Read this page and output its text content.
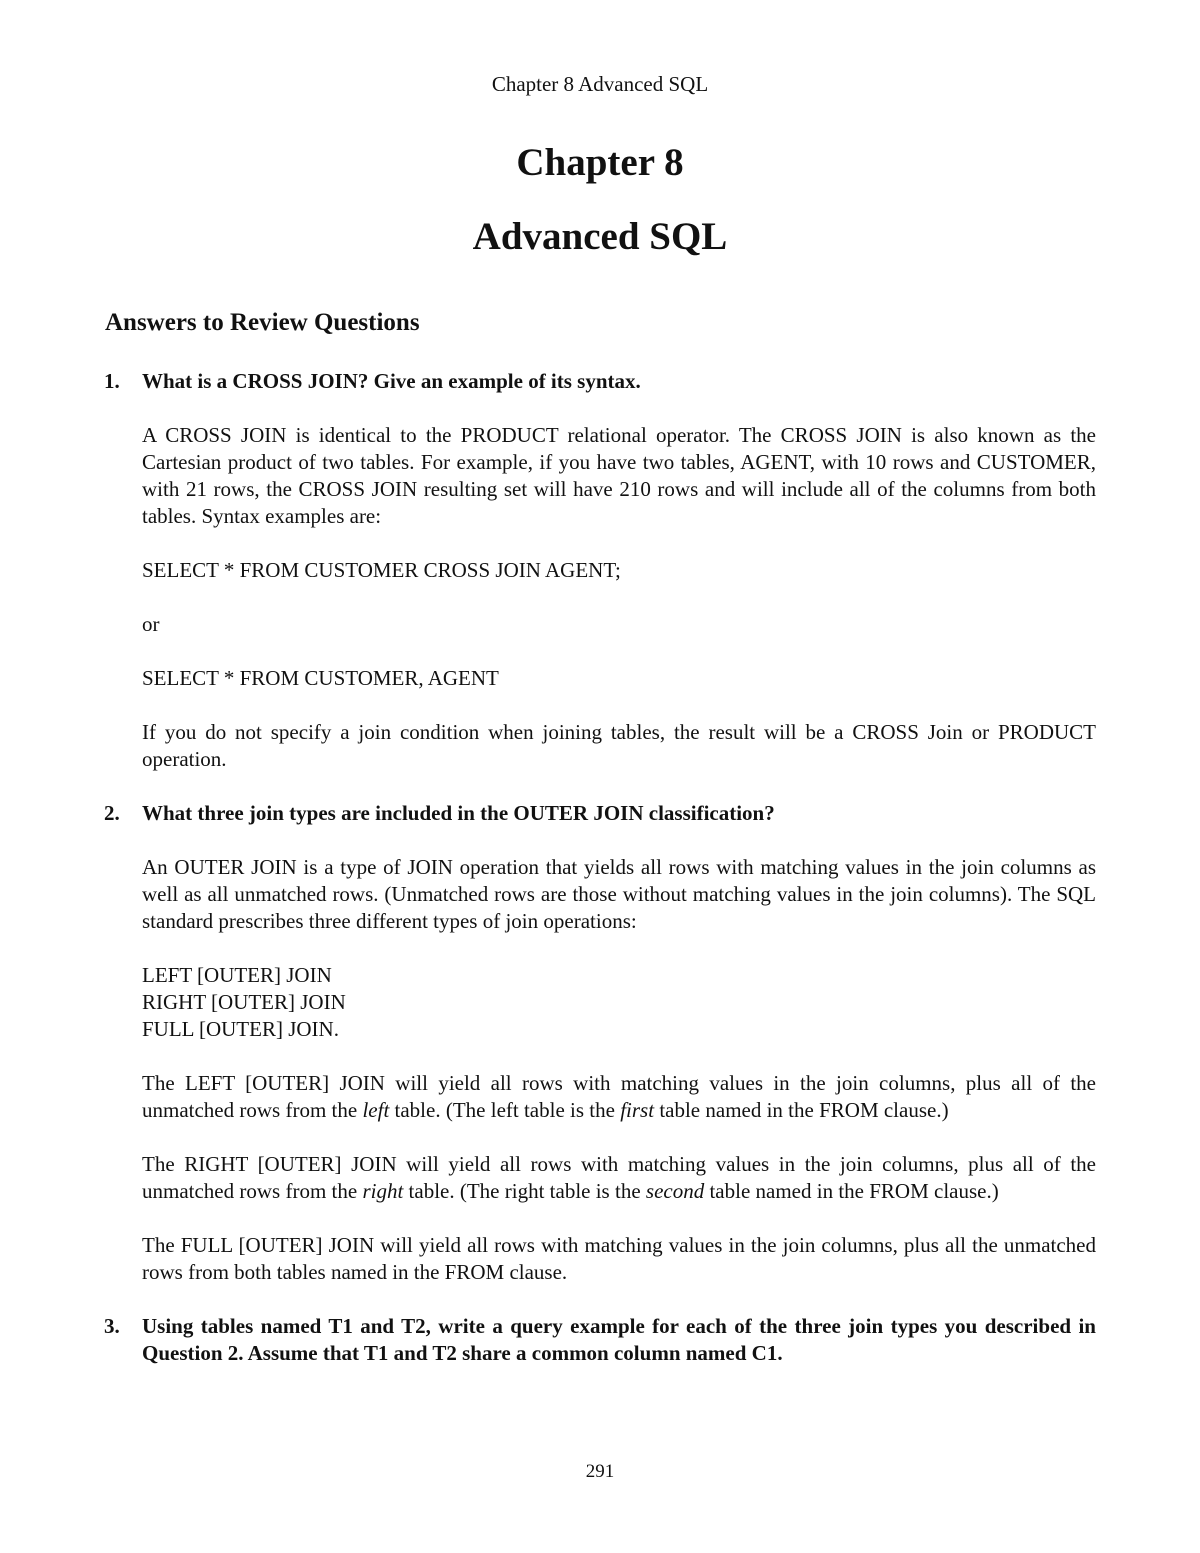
Chapter 8 Advanced SQL
Chapter 8
Advanced SQL
Answers to Review Questions
1.	What is a CROSS JOIN? Give an example of its syntax.

A CROSS JOIN is identical to the PRODUCT relational operator. The CROSS JOIN is also known as the Cartesian product of two tables. For example, if you have two tables, AGENT, with 10 rows and CUSTOMER, with 21 rows, the CROSS JOIN resulting set will have 210 rows and will include all of the columns from both tables. Syntax examples are:

SELECT * FROM CUSTOMER CROSS JOIN AGENT;

or

SELECT * FROM CUSTOMER, AGENT

If you do not specify a join condition when joining tables, the result will be a CROSS Join or PRODUCT operation.

2.	What three join types are included in the OUTER JOIN classification?

An OUTER JOIN is a type of JOIN operation that yields all rows with matching values in the join columns as well as all unmatched rows. (Unmatched rows are those without matching values in the join columns). The SQL standard prescribes three different types of join operations:

LEFT [OUTER] JOIN
RIGHT [OUTER] JOIN
FULL [OUTER] JOIN.

The LEFT [OUTER] JOIN will yield all rows with matching values in the join columns, plus all of the unmatched rows from the left table. (The left table is the first table named in the FROM clause.)

The RIGHT [OUTER] JOIN will yield all rows with matching values in the join columns, plus all of the unmatched rows from the right table. (The right table is the second table named in the FROM clause.)

The FULL [OUTER] JOIN will yield all rows with matching values in the join columns, plus all the unmatched rows from both tables named in the FROM clause.

3.	Using tables named T1 and T2, write a query example for each of the three join types you described in Question 2. Assume that T1 and T2 share a common column named C1.
291
